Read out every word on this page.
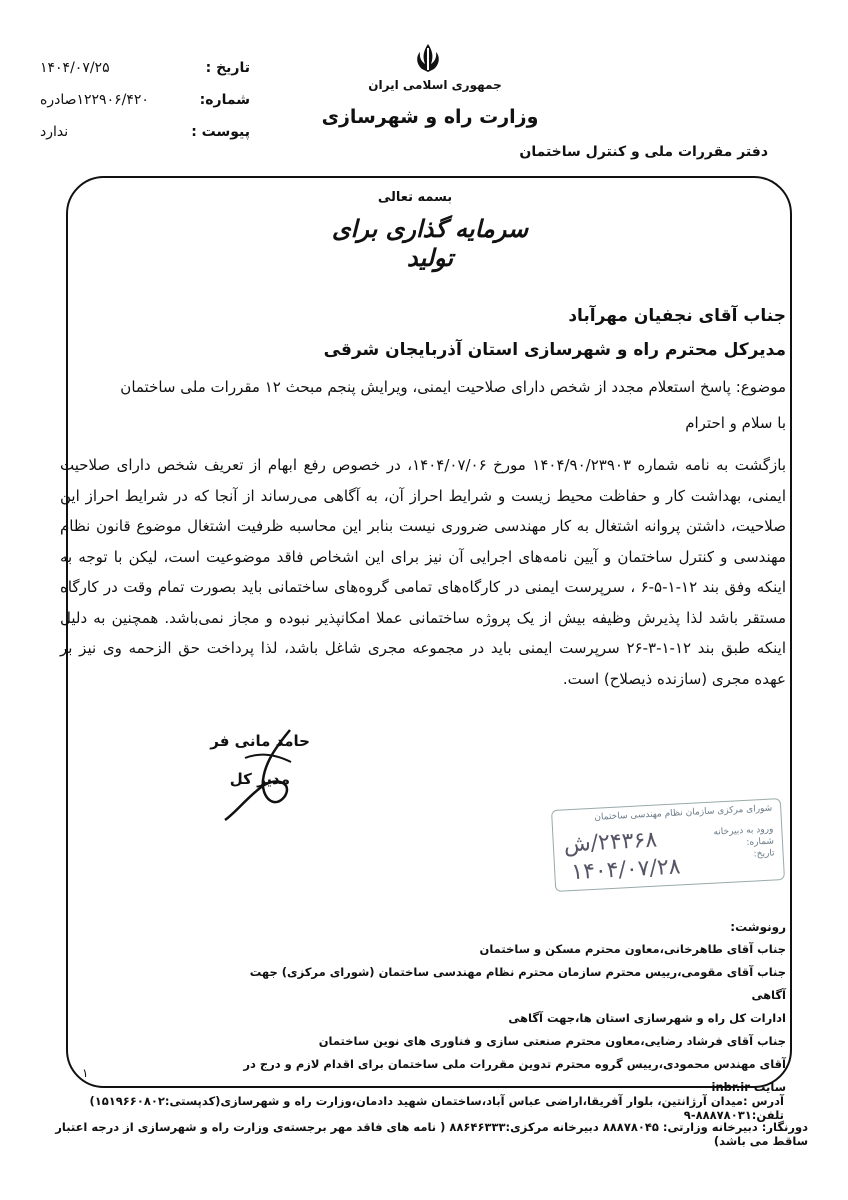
تاریخ :
۱۴۰۴/۰۷/۲۵
شماره:
۱۲۲۹۰۶/۴۲۰صادره
پیوست :
ندارد
جمهوری اسلامی ایران
وزارت راه و شهرسازی
دفتر مقررات ملی و کنترل ساختمان
بسمه تعالی
سرمایه گذاری برای تولید
جناب آقای نجفیان مهرآباد
مدیرکل محترم راه و شهرسازی استان آذربایجان شرقی
موضوع: پاسخ استعلام مجدد از شخص دارای صلاحیت ایمنی، ویرایش پنجم مبحث ۱۲ مقررات ملی ساختمان
با سلام و احترام
بازگشت به نامه شماره ۱۴۰۴/۹۰/۲۳۹۰۳ مورخ ۱۴۰۴/۰۷/۰۶، در خصوص رفع ابهام از تعریف شخص دارای صلاحیت ایمنی، بهداشت کار و حفاظت محیط زیست و شرایط احراز آن، به آگاهی می‌رساند از آنجا که در شرایط احراز این صلاحیت، داشتن پروانه اشتغال به کار مهندسی ضروری نیست بنابر این محاسبه ظرفیت اشتغال موضوع قانون نظام مهندسی و کنترل ساختمان و آیین نامه‌های اجرایی آن نیز برای این اشخاص فاقد موضوعیت است، لیکن با توجه به اینکه وفق بند ۱۲-۱-۵-۶ ، سرپرست ایمنی در کارگاه‌های تمامی گروه‌های ساختمانی باید بصورت تمام وقت در کارگاه مستقر باشد لذا پذیرش وظیفه بیش از یک پروژه ساختمانی عملا امکانپذیر نبوده و مجاز نمی‌باشد. همچنین به دلیل اینکه طبق بند ۱۲-۱-۳-۲۶ سرپرست ایمنی باید در مجموعه مجری شاغل باشد، لذا پرداخت حق الزحمه وی نیز بر عهده مجری (سازنده ذیصلاح) است.
حامد مانی فر
مدیر کل
شورای مرکزی سازمان نظام مهندسی ساختمان
ورود به دبیرخانه
شماره:
تاریخ:
۲۴۳۶۸/ش
۱۴۰۴/۰۷/۲۸
رونوشت:
جناب آقای طاهرخانی،معاون محترم مسکن و ساختمان
جناب آقای مقومی،رییس محترم سازمان محترم نظام مهندسی ساختمان (شورای مرکزی) جهت آگاهی
ادارات کل راه و شهرسازی استان ها،جهت آگاهی
جناب آقای فرشاد رضایی،معاون محترم صنعتی سازی و فناوری های نوین ساختمان
آقای مهندس محمودی،رییس گروه محترم تدوین مقررات ملی ساختمان برای اقدام لازم و درج در سایت inbr.ir
۱
آدرس :میدان آرژانتین، بلوار آفریقا،اراضی عباس آباد،ساختمان شهید دادمان،وزارت راه و شهرسازی(کدپستی:۱۵۱۹۶۶۰۸۰۲) تلفن:۸۸۸۷۸۰۳۱-۹
دورنگار: دبیرخانه وزارتی: ۸۸۸۷۸۰۴۵ دبیرخانه مرکزی:۸۸۶۴۶۳۳۳ ( نامه های فاقد مهر برجسته‌ی وزارت راه و شهرسازی از درجه اعتبار ساقط می باشد)
